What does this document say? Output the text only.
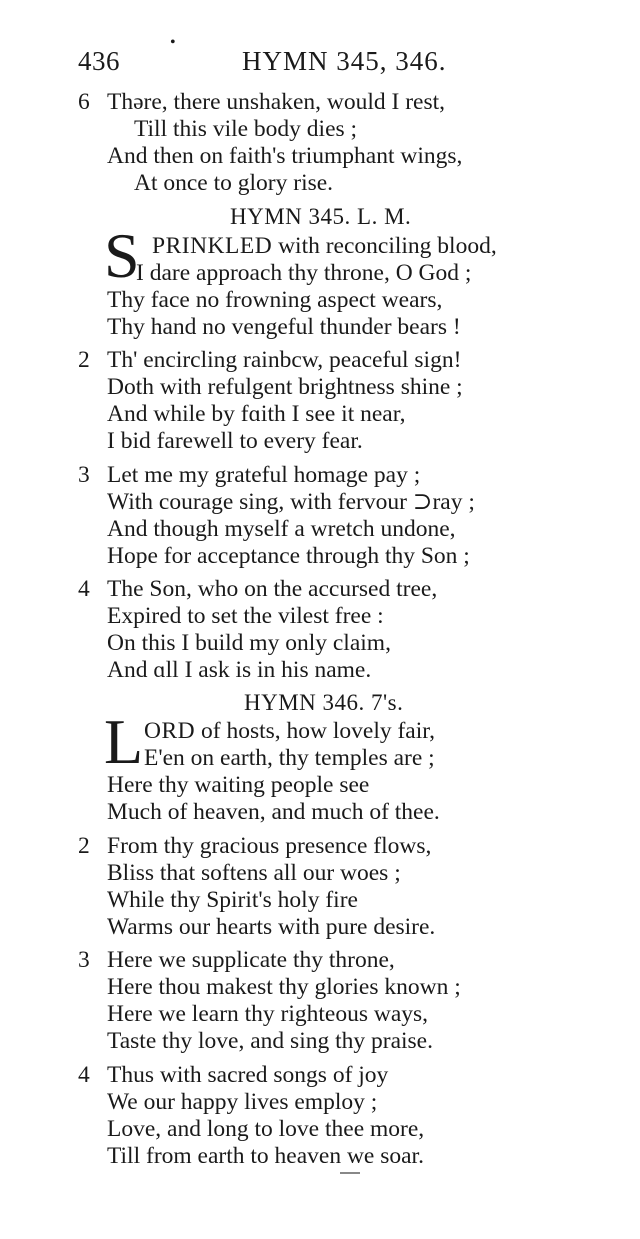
436
•
HYMN 345, 346.
6 Thəre, there unshaken, would I rest,
Till this vile body dies ;
And then on faith's triumphant wings,
At once to glory rise.
HYMN 345. L. M.
S PRINKLED with reconciling blood,
I dare approach thy throne, O God ;
Thy face no frowning aspect wears,
Thy hand no vengeful thunder bears !
2 Th' encircling rainbcw, peaceful sign!
Doth with refulgent brightness shine ;
And while by fɑith I see it near,
I bid farewell to every fear.
3 Let me my grateful homage pay ;
With courage sing, with fervour ⊃ray ;
And though myself a wretch undone,
Hope for acceptance through thy Son ;
4 The Son, who on the accursed tree,
Expired to set the vilest free :
On this I build my only claim,
And ɑll I ask is in his name.
HYMN 346. 7's.
L ORD of hosts, how lovely fair,
E'en on earth, thy temples are ;
Here thy waiting people see
Much of heaven, and much of thee.
2 From thy gracious presence flows,
Bliss that softens all our woes ;
While thy Spirit's holy fire
Warms our hearts with pure desire.
3 Here we supplicate thy throne,
Here thou makest thy glories known ;
Here we learn thy righteous ways,
Taste thy love, and sing thy praise.
4 Thus with sacred songs of joy
We our happy lives employ ;
Love, and long to love thee more,
Till from earth to heaven we soar.
